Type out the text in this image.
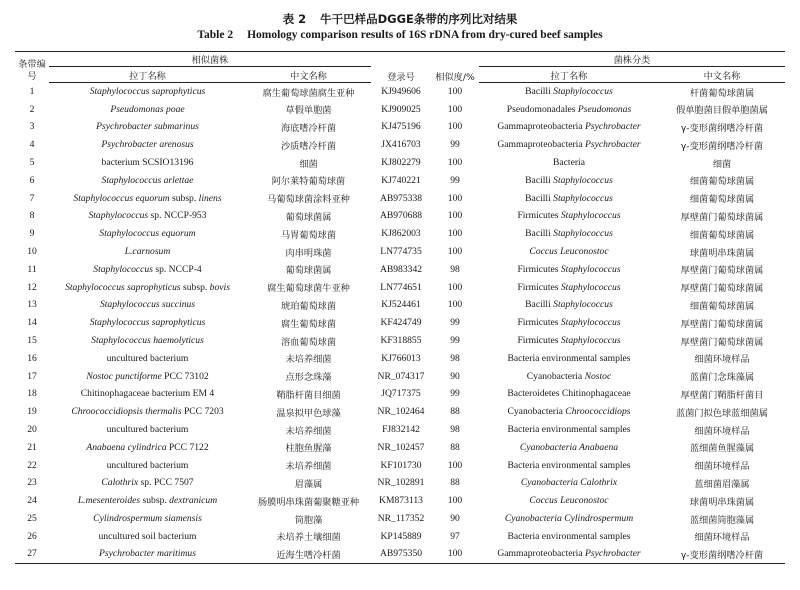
表 2 牛干巴样品DGGE条带的序列比对结果
Table 2 Homology comparison results of 16S rDNA from dry-cured beef samples
条带编号	相似菌株		登录号	相似度/%	菌株分类	
	拉丁名称	中文名称			拉丁名称	中文名称
1	Staphylococcus saprophyticus	腐生葡萄球菌腐生亚种	KJ949606	100	Bacilli Staphylococcus	杆菌葡萄球菌属
2	Pseudomonas poae	草假单胞菌	KJ909025	100	Pseudomonadales Pseudomonas	假单胞菌目假单胞菌属
3	Psychrobacter submarinus	海底嗜冷杆菌	KJ475196	100	Gammaproteobacteria Psychrobacter	γ-变形菌纲嗜冷杆菌
4	Psychrobacter arenosus	沙质嗜冷杆菌	JX416703	99	Gammaproteobacteria Psychrobacter	γ-变形菌纲嗜冷杆菌
5	bacterium SCSIO13196	细菌	KJ802279	100	Bacteria	细菌
6	Staphylococcus arlettae	阿尔莱特葡萄球菌	KJ740221	99	Bacilli Staphylococcus	细菌葡萄球菌属
7	Staphylococcus equorum subsp. linens	马葡萄球菌涂料亚种	AB975338	100	Bacilli Staphylococcus	细菌葡萄球菌属
8	Staphylococcus sp. NCCP-953	葡萄球菌属	AB970688	100	Firmicutes Staphylococcus	厚壁菌门葡萄球菌属
9	Staphylococcus equorum	马胃葡萄球菌	KJ862003	100	Bacilli Staphylococcus	细菌葡萄球菌属
10	L.carnosum	肉串明珠菌	LN774735	100	Coccus Leuconostoc	球菌明串珠菌属
11	Staphylococcus sp. NCCP-4	葡萄球菌属	AB983342	98	Firmicutes Staphylococcus	厚壁菌门葡萄球菌属
12	Staphylococcus saprophyticus subsp. bovis	腐生葡萄球菌牛亚种	LN774651	100	Firmicutes Staphylococcus	厚壁菌门葡萄球菌属
13	Staphylococcus succinus	琥珀葡萄球菌	KJ524461	100	Bacilli Staphylococcus	细菌葡萄球菌属
14	Staphylococcus saprophyticus	腐生葡萄球菌	KF424749	99	Firmicutes Staphylococcus	厚壁菌门葡萄球菌属
15	Staphylococcus haemolyticus	溶血葡萄球菌	KF318855	99	Firmicutes Staphylococcus	厚壁菌门葡萄球菌属
16	uncultured bacterium	未培养细菌	KJ766013	98	Bacteria environmental samples	细菌环境样品
17	Nostoc punctiforme PCC 73102	点形念珠藻	NR_074317	90	Cyanobacteria Nostoc	蓝菌门念珠藻属
18	Chitinophagaceae bacterium EM 4	鞘脂杆菌目细菌	JQ717375	99	Bacteroidetes Chitinophagaceae	厚壁菌门鞘脂杆菌目
19	Chroococcidiopsis thermalis PCC 7203	温泉拟甲色球藻	NR_102464	88	Cyanobacteria Chroococcidiops	蓝菌门拟色球蓝细菌属
20	uncultured bacterium	未培养细菌	FJ832142	98	Bacteria environmental samples	细菌环境样品
21	Anabaena cylindrica PCC 7122	柱胞鱼腥藻	NR_102457	88	Cyanobacteria Anabaena	蓝细菌鱼腥藻属
22	uncultured bacterium	未培养细菌	KF101730	100	Bacteria environmental samples	细菌环境样品
23	Calothrix sp. PCC 7507	眉藻属	NR_102891	88	Cyanobacteria Calothrix	蓝细菌眉藻属
24	L.mesenteroides subsp. dextranicum	肠膜明串珠菌葡聚糖亚种	KM873113	100	Coccus Leuconostoc	球菌明串珠菌属
25	Cylindrospermum siamensis	筒胞藻	NR_117352	90	Cyanobacteria Cylindrospermum	蓝细菌筒胞藻属
26	uncultured soil bacterium	未培养土壤细菌	KP145889	97	Bacteria environmental samples	细菌环境样品
27	Psychrobacter maritimus	近海生嗜冷杆菌	AB975350	100	Gammaproteobacteria Psychrobacter	γ-变形菌纲嗜冷杆菌
